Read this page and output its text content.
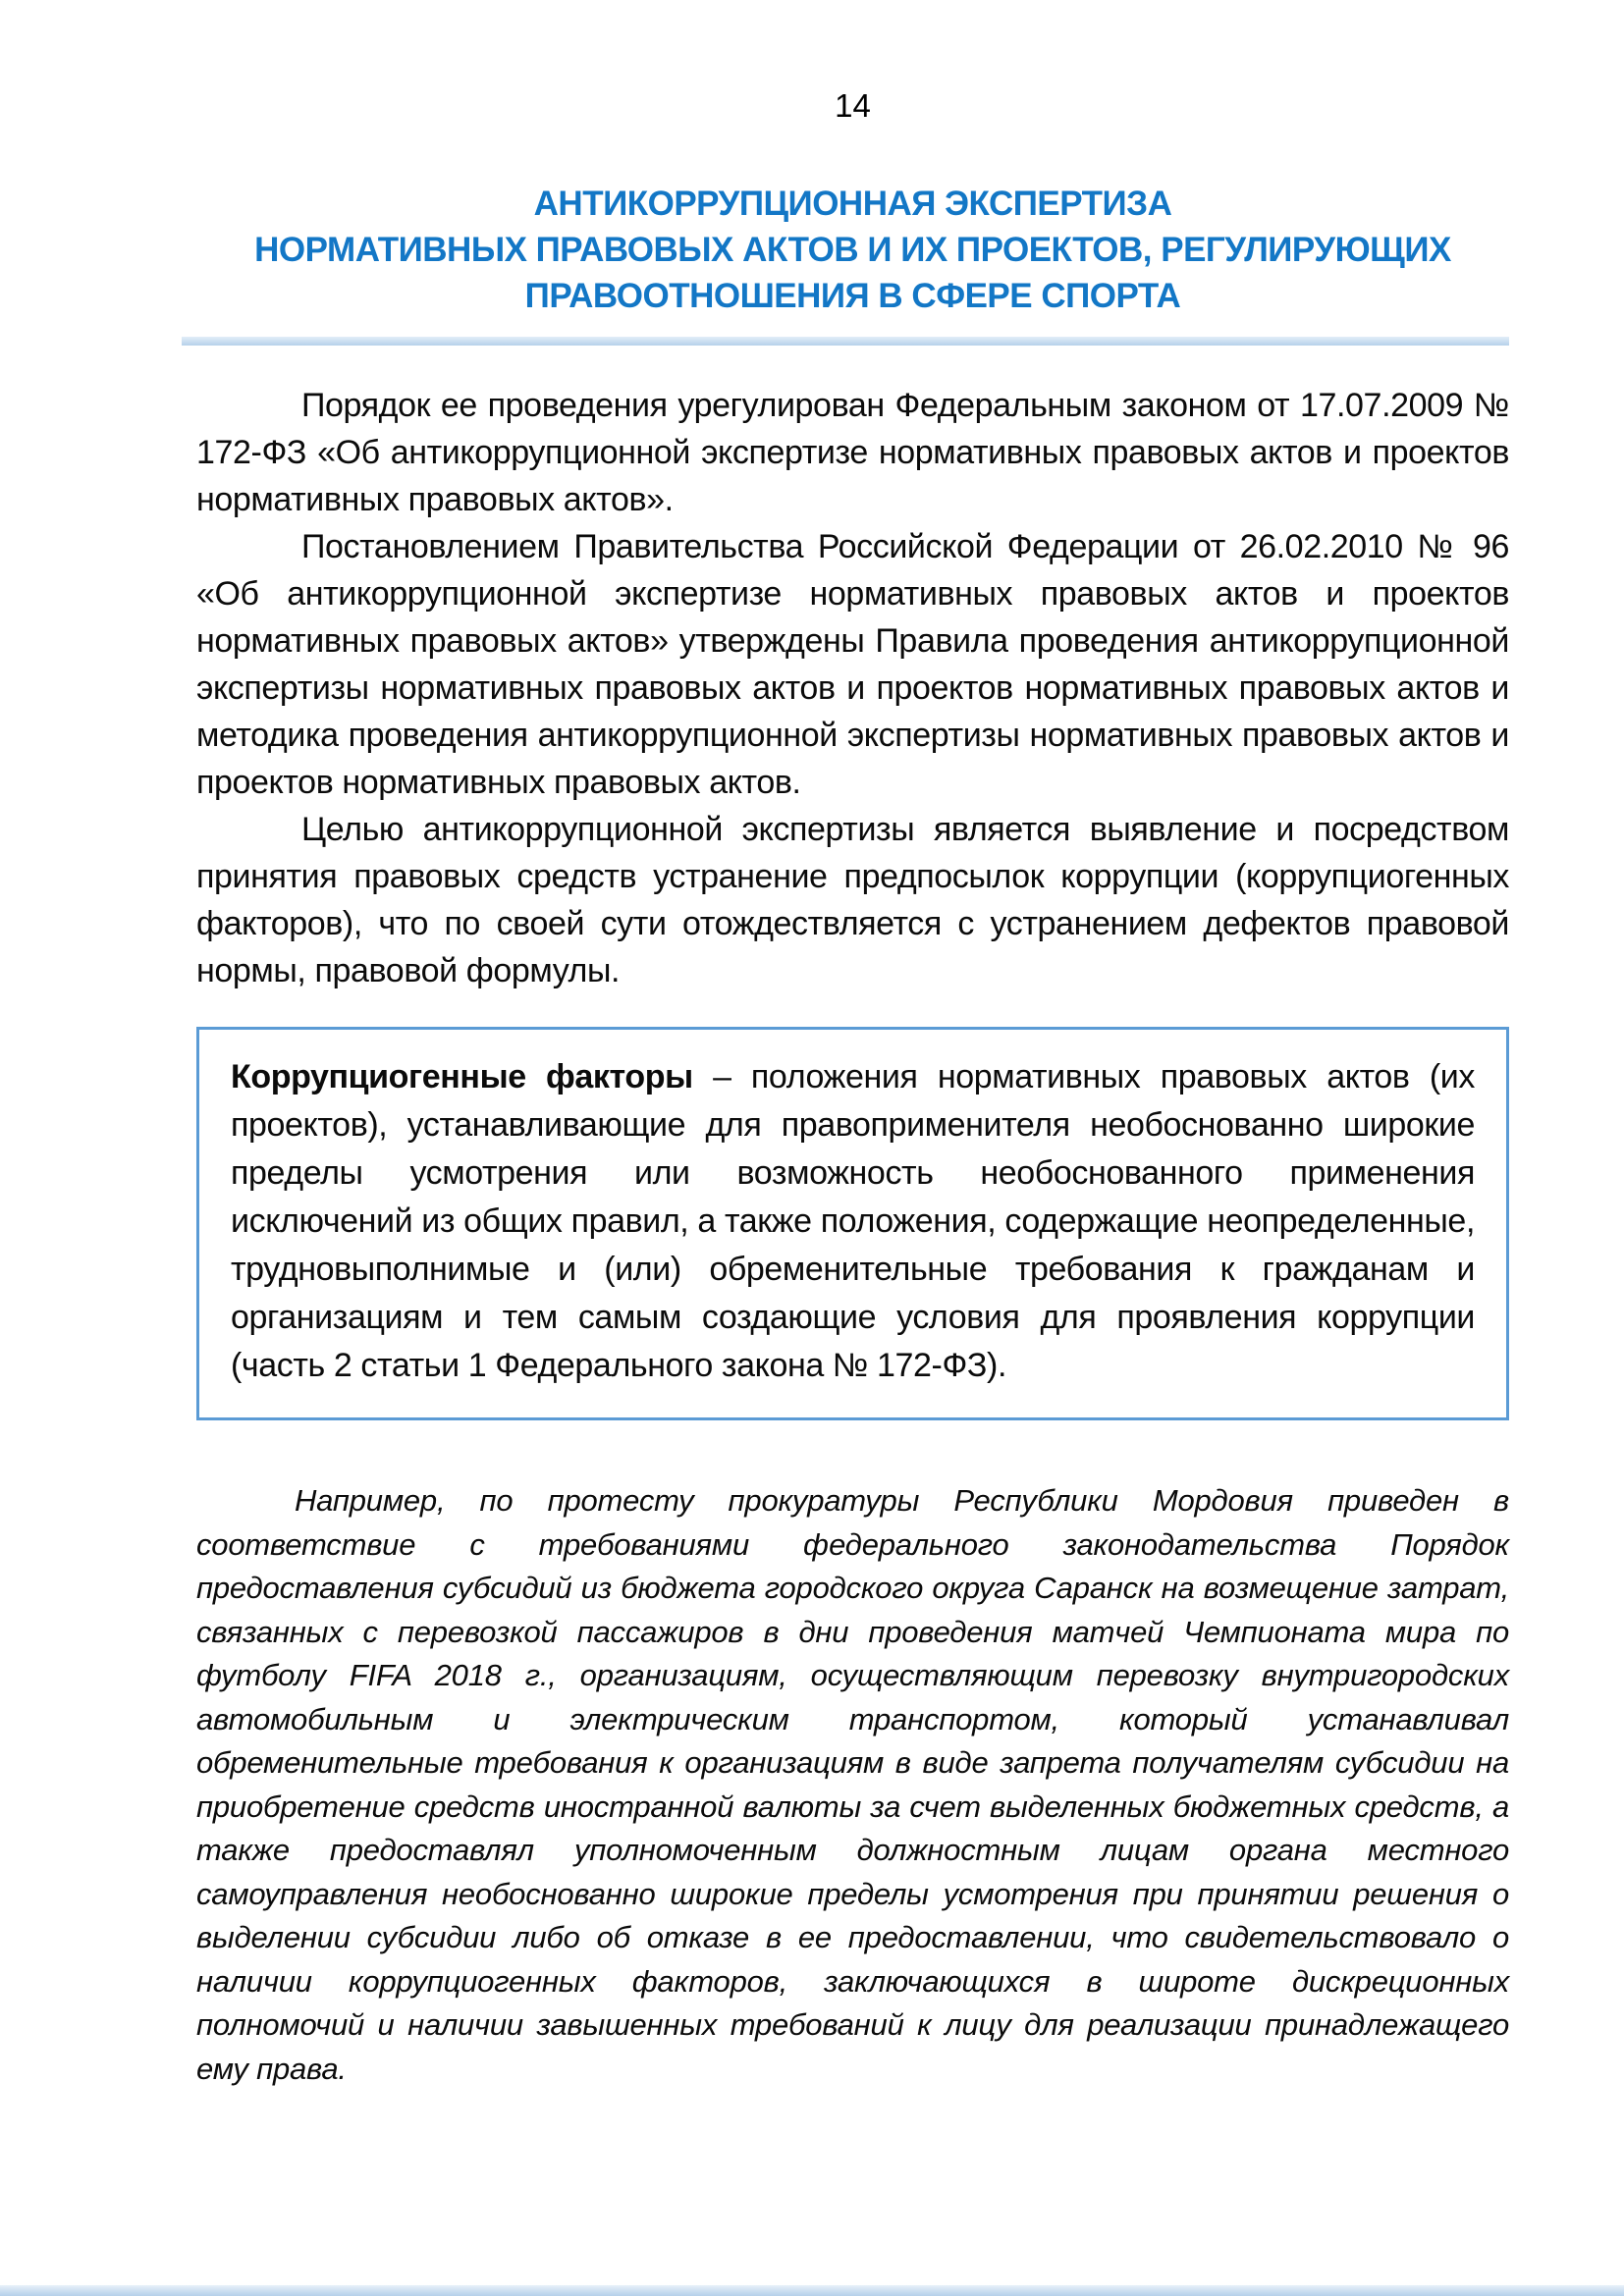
14
АНТИКОРРУПЦИОННАЯ ЭКСПЕРТИЗА
НОРМАТИВНЫХ ПРАВОВЫХ АКТОВ И ИХ ПРОЕКТОВ, РЕГУЛИРУЮЩИХ
ПРАВООТНОШЕНИЯ В СФЕРЕ СПОРТА

Порядок ее проведения урегулирован Федеральным законом от 17.07.2009 № 172-ФЗ «Об антикоррупционной экспертизе нормативных правовых актов и проектов нормативных правовых актов».

Постановлением Правительства Российской Федерации от 26.02.2010 № 96 «Об антикоррупционной экспертизе нормативных правовых актов и проектов нормативных правовых актов» утверждены Правила проведения антикоррупционной экспертизы нормативных правовых актов и проектов нормативных правовых актов и методика проведения антикоррупционной экспертизы нормативных правовых актов и проектов нормативных правовых актов.

Целью антикоррупционной экспертизы является выявление и посредством принятия правовых средств устранение предпосылок коррупции (коррупциогенных факторов), что по своей сути отождествляется с устранением дефектов правовой нормы, правовой формулы.

Коррупциогенные факторы – положения нормативных правовых актов (их проектов), устанавливающие для правоприменителя необоснованно широкие пределы усмотрения или возможность необоснованного применения исключений из общих правил, а также положения, содержащие неопределенные, трудновыполнимые и (или) обременительные требования к гражданам и организациям и тем самым создающие условия для проявления коррупции (часть 2 статьи 1 Федерального закона № 172-ФЗ).

Например, по протесту прокуратуры Республики Мордовия приведен в соответствие с требованиями федерального законодательства Порядок предоставления субсидий из бюджета городского округа Саранск на возмещение затрат, связанных с перевозкой пассажиров в дни проведения матчей Чемпионата мира по футболу FIFA 2018 г., организациям, осуществляющим перевозку внутригородских автомобильным и электрическим транспортом, который устанавливал обременительные требования к организациям в виде запрета получателям субсидии на приобретение средств иностранной валюты за счет выделенных бюджетных средств, а также предоставлял уполномоченным должностным лицам органа местного самоуправления необоснованно широкие пределы усмотрения при принятии решения о выделении субсидии либо об отказе в ее предоставлении, что свидетельствовало о наличии коррупциогенных факторов, заключающихся в широте дискреционных полномочий и наличии завышенных требований к лицу для реализации принадлежащего ему права.
